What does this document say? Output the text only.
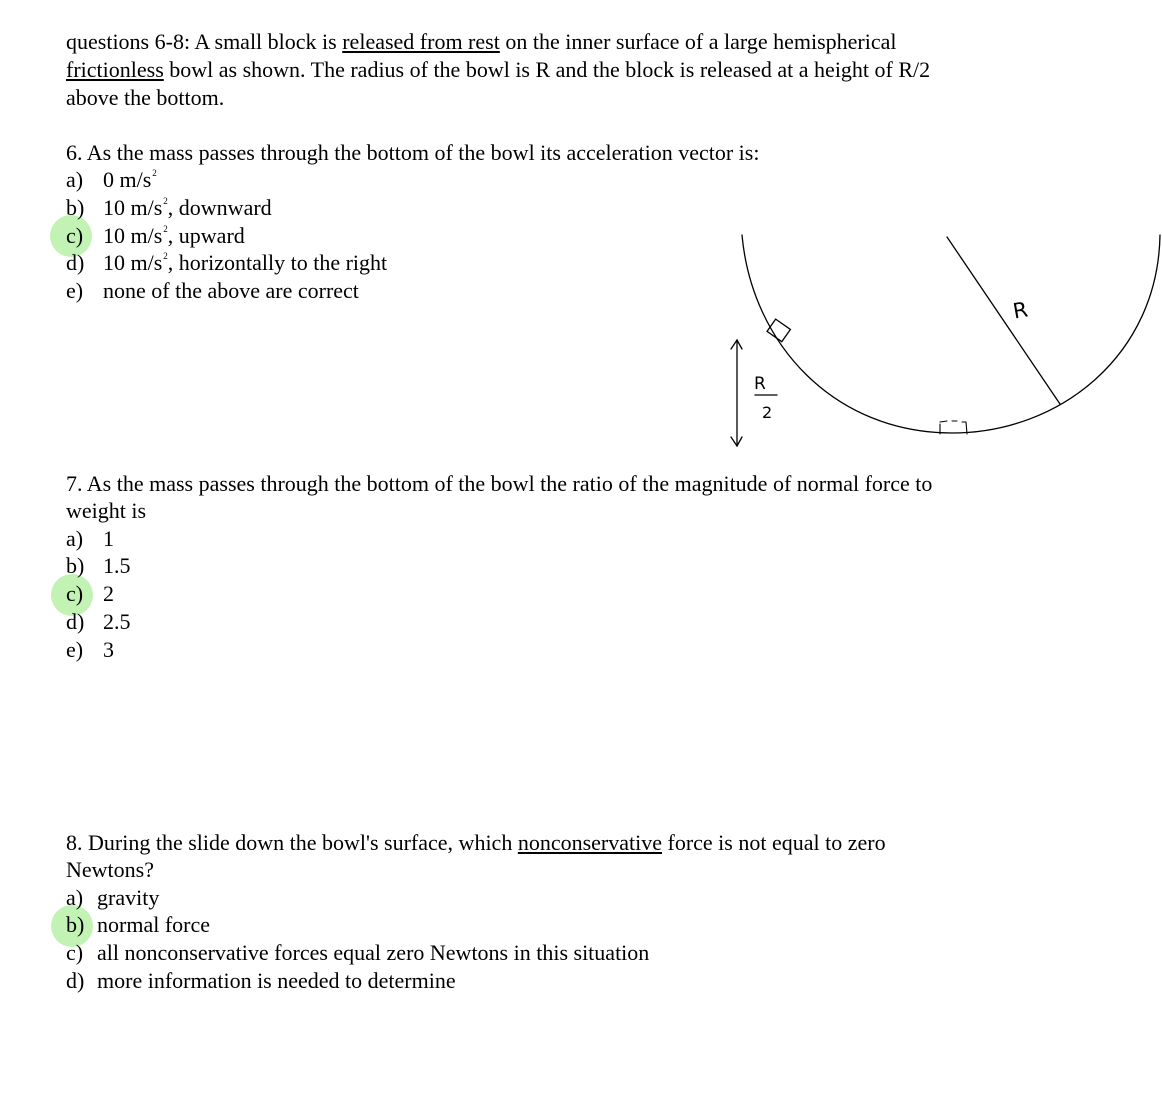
questions 6-8: A small block is released from rest on the inner surface of a large hemispherical
frictionless bowl as shown. The radius of the bowl is R and the block is released at a height of R/2
above the bottom.
6. As the mass passes through the bottom of the bowl its acceleration vector is:
a) 0 $m/s^2$
b) 10 $m/s^2$, downward
c) 10 $m/s^2$, upward
d) 10 $m/s^2$, horizontally to the right
e) none of the above are correct
R
R
2
7. As the mass passes through the bottom of the bowl the ratio of the magnitude of normal force to
weight is
a) 1
b) 1.5
c) 2
d) 2.5
e) 3
8. During the slide down the bowl's surface, which nonconservative force is not equal to zero
Newtons?
a) gravity
b) normal force
c) all nonconservative forces equal zero Newtons in this situation
d) more information is needed to determine
